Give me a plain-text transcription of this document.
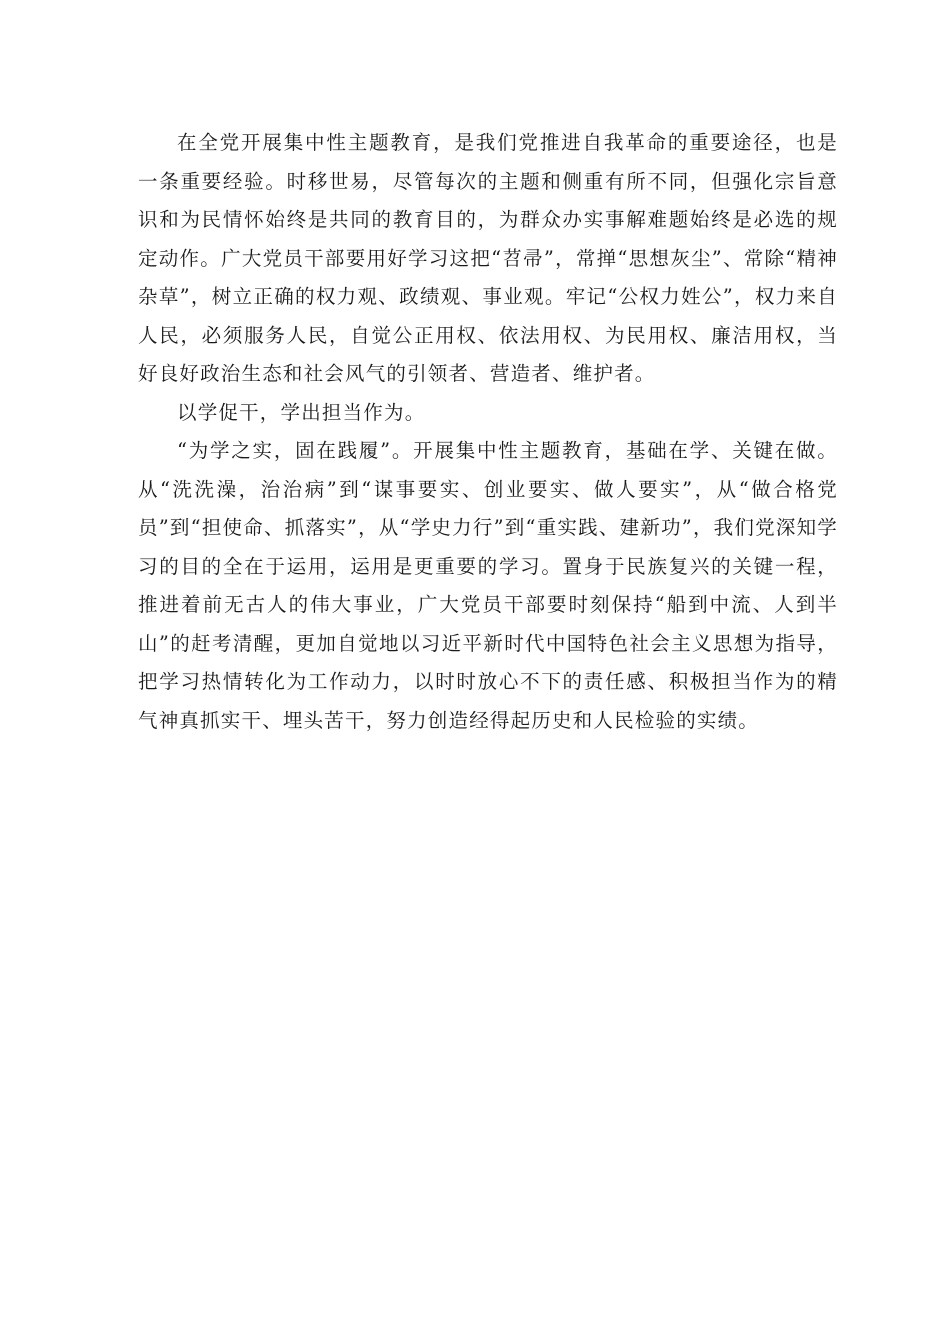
在全党开展集中性主题教育，是我们党推进自我革命的重要途径，也是一条重要经验。时移世易，尽管每次的主题和侧重有所不同，但强化宗旨意识和为民情怀始终是共同的教育目的，为群众办实事解难题始终是必选的规定动作。广大党员干部要用好学习这把“苕帚”，常掸“思想灰尘”、常除“精神杂草”，树立正确的权力观、政绩观、事业观。牢记“公权力姓公”，权力来自人民，必须服务人民，自觉公正用权、依法用权、为民用权、廉洁用权，当好良好政治生态和社会风气的引领者、营造者、维护者。

以学促干，学出担当作为。

“为学之实，固在践履”。开展集中性主题教育，基础在学、关键在做。从“洗洗澡，治治病”到“谋事要实、创业要实、做人要实”，从“做合格党员”到“担使命、抓落实”，从“学史力行”到“重实践、建新功”，我们党深知学习的目的全在于运用，运用是更重要的学习。置身于民族复兴的关键一程，推进着前无古人的伟大事业，广大党员干部要时刻保持“船到中流、人到半山”的赶考清醒，更加自觉地以习近平新时代中国特色社会主义思想为指导，把学习热情转化为工作动力，以时时放心不下的责任感、积极担当作为的精气神真抓实干、埋头苦干，努力创造经得起历史和人民检验的实绩。
